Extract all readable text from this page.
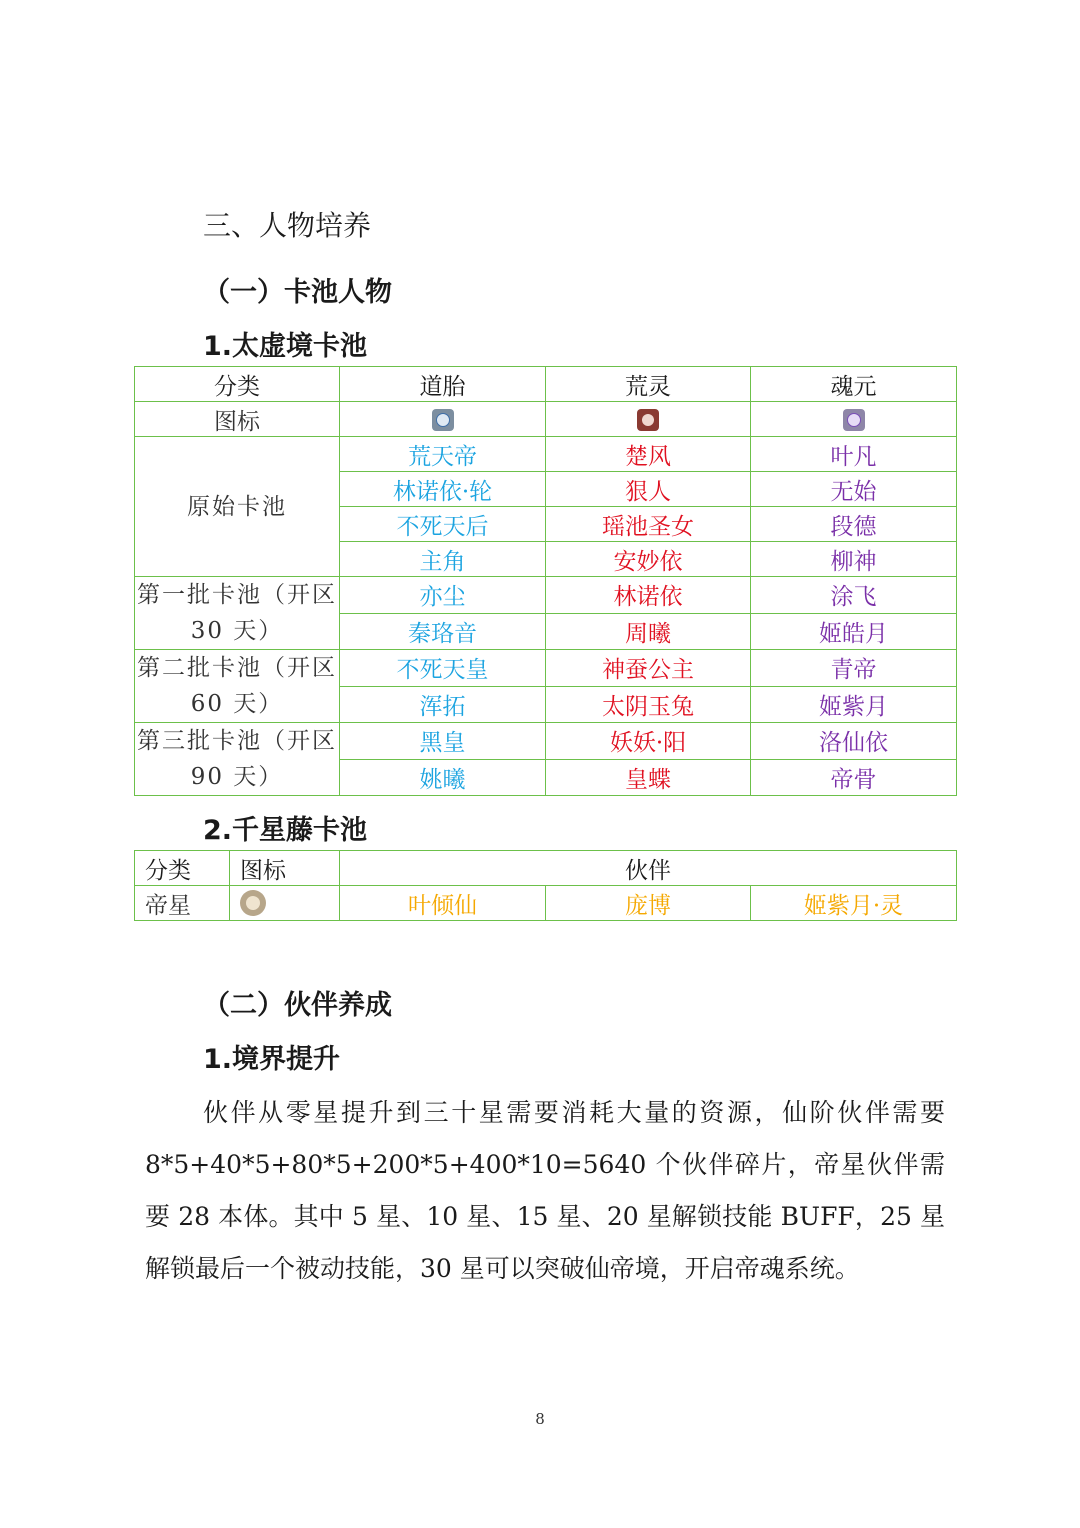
三、人物培养
（一）卡池人物
1.太虚境卡池
分类	道胎	荒灵	魂元
图标			
原始卡池	荒天帝	楚风	叶凡
	林诺依·轮	狠人	无始
	不死天后	瑶池圣女	段德
	主角	安妙依	柳神
第一批卡池（开区 30 天）	亦尘	林诺依	涂飞
	秦珞音	周曦	姬皓月
第二批卡池（开区 60 天）	不死天皇	神蚕公主	青帝
	浑拓	太阴玉兔	姬紫月
第三批卡池（开区 90 天）	黑皇	妖妖·阳	洛仙依
	姚曦	皇蝶	帝骨
2.千星藤卡池
分类	图标	伙伴		
帝星		叶倾仙	庞博	姬紫月·灵
（二）伙伴养成
1.境界提升

伙伴从零星提升到三十星需要消耗大量的资源，仙阶伙伴需要 8*5+40*5+80*5+200*5+400*10=5640 个伙伴碎片，帝星伙伴需要 28 本体。其中 5 星、10 星、15 星、20 星解锁技能 BUFF，25 星解锁最后一个被动技能，30 星可以突破仙帝境，开启帝魂系统。

8
